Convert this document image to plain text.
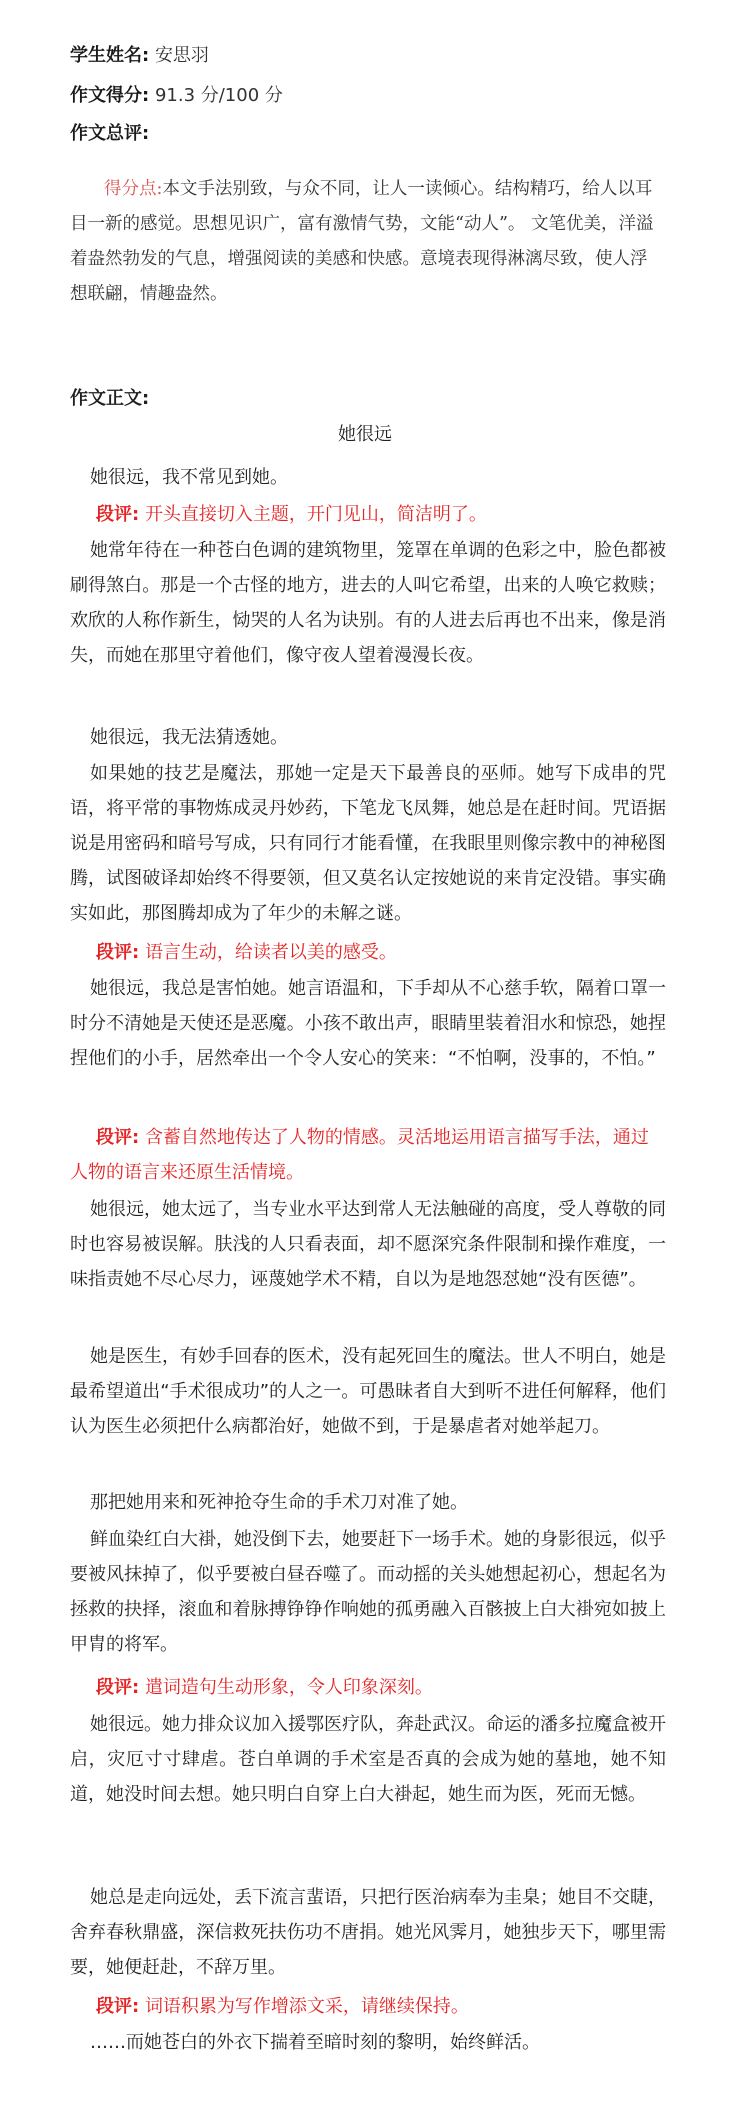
学生姓名: 安思羽
作文得分: 91.3 分/100 分
作文总评:
得分点:本文手法别致，与众不同，让人一读倾心。结构精巧，给人以耳目一新的感觉。思想见识广，富有激情气势，文能“动人”。 文笔优美，洋溢着盎然勃发的气息，增强阅读的美感和快感。意境表现得淋漓尽致，使人浮想联翩，情趣盎然。
作文正文:
她很远
她很远，我不常见到她。
段评: 开头直接切入主题，开门见山，简洁明了。
她常年待在一种苍白色调的建筑物里，笼罩在单调的色彩之中，脸色都被刷得煞白。那是一个古怪的地方，进去的人叫它希望，出来的人唤它救赎；欢欣的人称作新生，恸哭的人名为诀别。有的人进去后再也不出来，像是消失，而她在那里守着他们，像守夜人望着漫漫长夜。
她很远，我无法猜透她。
如果她的技艺是魔法，那她一定是天下最善良的巫师。她写下成串的咒语，将平常的事物炼成灵丹妙药，下笔龙飞凤舞，她总是在赶时间。咒语据说是用密码和暗号写成，只有同行才能看懂，在我眼里则像宗教中的神秘图腾，试图破译却始终不得要领，但又莫名认定按她说的来肯定没错。事实确实如此，那图腾却成为了年少的未解之谜。
段评: 语言生动，给读者以美的感受。
她很远，我总是害怕她。她言语温和，下手却从不心慈手软，隔着口罩一时分不清她是天使还是恶魔。小孩不敢出声，眼睛里装着泪水和惊恐，她捏捏他们的小手，居然牵出一个令人安心的笑来：“不怕啊，没事的，不怕。”
段评: 含蓄自然地传达了人物的情感。灵活地运用语言描写手法，通过人物的语言来还原生活情境。
她很远，她太远了，当专业水平达到常人无法触碰的高度，受人尊敬的同时也容易被误解。肤浅的人只看表面，却不愿深究条件限制和操作难度，一味指责她不尽心尽力，诬蔑她学术不精，自以为是地怨怼她“没有医德”。
她是医生，有妙手回春的医术，没有起死回生的魔法。世人不明白，她是最希望道出“手术很成功”的人之一。可愚昧者自大到听不进任何解释，他们认为医生必须把什么病都治好，她做不到，于是暴虐者对她举起刀。
那把她用来和死神抢夺生命的手术刀对准了她。
鲜血染红白大褂，她没倒下去，她要赶下一场手术。她的身影很远，似乎要被风抹掉了，似乎要被白昼吞噬了。而动摇的关头她想起初心，想起名为拯救的抉择，滚血和着脉搏铮铮作响她的孤勇融入百骸披上白大褂宛如披上甲胄的将军。
段评: 遣词造句生动形象，令人印象深刻。
她很远。她力排众议加入援鄂医疗队，奔赴武汉。命运的潘多拉魔盒被开启，灾厄寸寸肆虐。苍白单调的手术室是否真的会成为她的墓地，她不知道，她没时间去想。她只明白自穿上白大褂起，她生而为医，死而无憾。
她总是走向远处，丢下流言蜚语，只把行医治病奉为圭臬；她目不交睫，舍弃春秋鼎盛，深信救死扶伤功不唐捐。她光风霁月，她独步天下，哪里需要，她便赶赴，不辞万里。
段评: 词语积累为写作增添文采，请继续保持。
……而她苍白的外衣下揣着至暗时刻的黎明，始终鲜活。
